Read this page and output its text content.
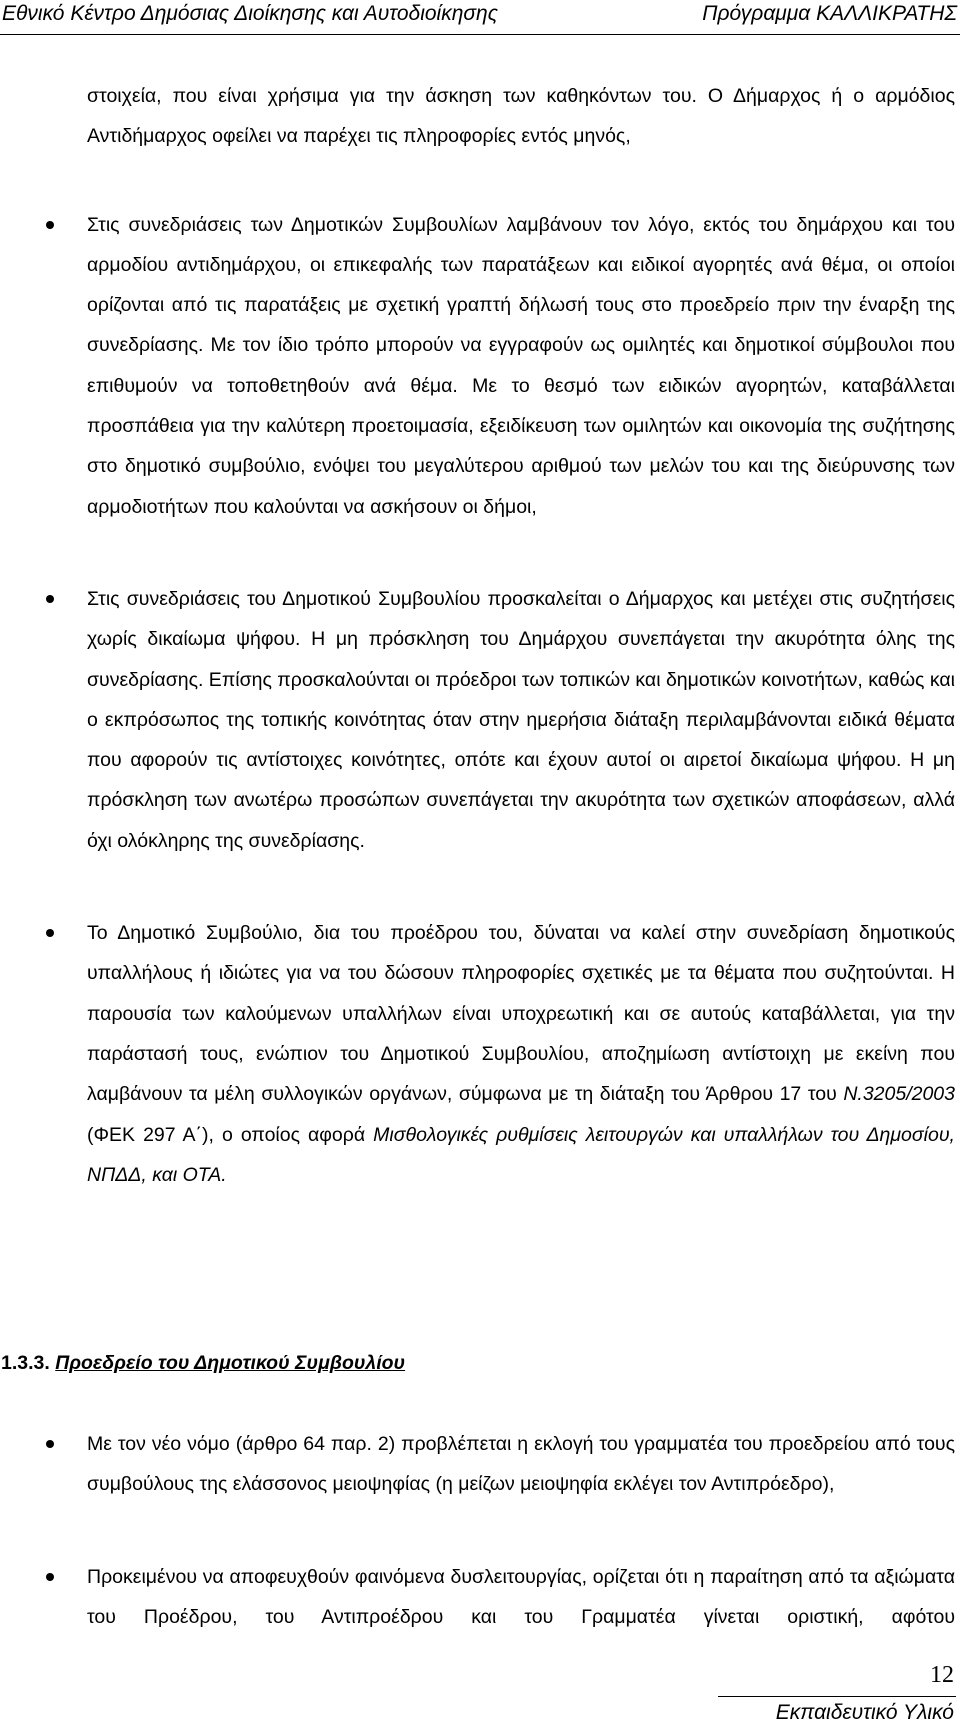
Εθνικό Κέντρο Δημόσιας Διοίκησης και Αυτοδιοίκησης	Πρόγραμμα ΚΑΛΛΙΚΡΑΤΗΣ

στοιχεία, που είναι χρήσιμα για την άσκηση των καθηκόντων του. Ο Δήμαρχος ή ο αρμόδιος Αντιδήμαρχος οφείλει να παρέχει τις πληροφορίες εντός μηνός,

Στις συνεδριάσεις των Δημοτικών Συμβουλίων λαμβάνουν τον λόγο, εκτός του δημάρχου και του αρμοδίου αντιδημάρχου, οι επικεφαλής των παρατάξεων και ειδικοί αγορητές ανά θέμα, οι οποίοι ορίζονται από τις παρατάξεις με σχετική γραπτή δήλωσή τους στο προεδρείο πριν την έναρξη της συνεδρίασης. Με τον ίδιο τρόπο μπορούν να εγγραφούν ως ομιλητές και δημοτικοί σύμβουλοι που επιθυμούν να τοποθετηθούν ανά θέμα. Με το θεσμό των ειδικών αγορητών, καταβάλλεται προσπάθεια για την καλύτερη προετοιμασία, εξειδίκευση των ομιλητών και οικονομία της συζήτησης στο δημοτικό συμβούλιο, ενόψει του μεγαλύτερου αριθμού των μελών του και της διεύρυνσης των αρμοδιοτήτων που καλούνται να ασκήσουν οι δήμοι,

Στις συνεδριάσεις του Δημοτικού Συμβουλίου προσκαλείται ο Δήμαρχος και μετέχει στις συζητήσεις χωρίς δικαίωμα ψήφου. Η μη πρόσκληση του Δημάρχου συνεπάγεται την ακυρότητα όλης της συνεδρίασης. Επίσης προσκαλούνται οι πρόεδροι των τοπικών και δημοτικών κοινοτήτων, καθώς και ο εκπρόσωπος της τοπικής κοινότητας όταν στην ημερήσια διάταξη περιλαμβάνονται ειδικά θέματα που αφορούν τις αντίστοιχες κοινότητες, οπότε και έχουν αυτοί οι αιρετοί δικαίωμα ψήφου. Η μη πρόσκληση των ανωτέρω προσώπων συνεπάγεται την ακυρότητα των σχετικών αποφάσεων, αλλά όχι ολόκληρης της συνεδρίασης.

Το Δημοτικό Συμβούλιο, δια του προέδρου του, δύναται να καλεί στην συνεδρίαση δημοτικούς υπαλλήλους ή ιδιώτες για να του δώσουν πληροφορίες σχετικές με τα θέματα που συζητούνται. Η παρουσία των καλούμενων υπαλλήλων είναι υποχρεωτική και σε αυτούς καταβάλλεται, για την παράστασή τους, ενώπιον του Δημοτικού Συμβουλίου, αποζημίωση αντίστοιχη με εκείνη που λαμβάνουν τα μέλη συλλογικών οργάνων, σύμφωνα με τη διάταξη του Άρθρου 17 του Ν.3205/2003 (ΦΕΚ 297 Α΄), ο οποίος αφορά Μισθολογικές ρυθμίσεις λειτουργών και υπαλλήλων του Δημοσίου, ΝΠΔΔ, και ΟΤΑ.

1.3.3. Προεδρείο του Δημοτικού Συμβουλίου

Με τον νέο νόμο (άρθρο 64 παρ. 2) προβλέπεται η εκλογή του γραμματέα του προεδρείου από τους συμβούλους της ελάσσονος μειοψηφίας (η μείζων μειοψηφία εκλέγει τον Αντιπρόεδρο),

Προκειμένου να αποφευχθούν φαινόμενα δυσλειτουργίας, ορίζεται ότι η παραίτηση από τα αξιώματα του Προέδρου, του Αντιπροέδρου και του Γραμματέα γίνεται οριστική, αφότου

12
Εκπαιδευτικό Υλικό
